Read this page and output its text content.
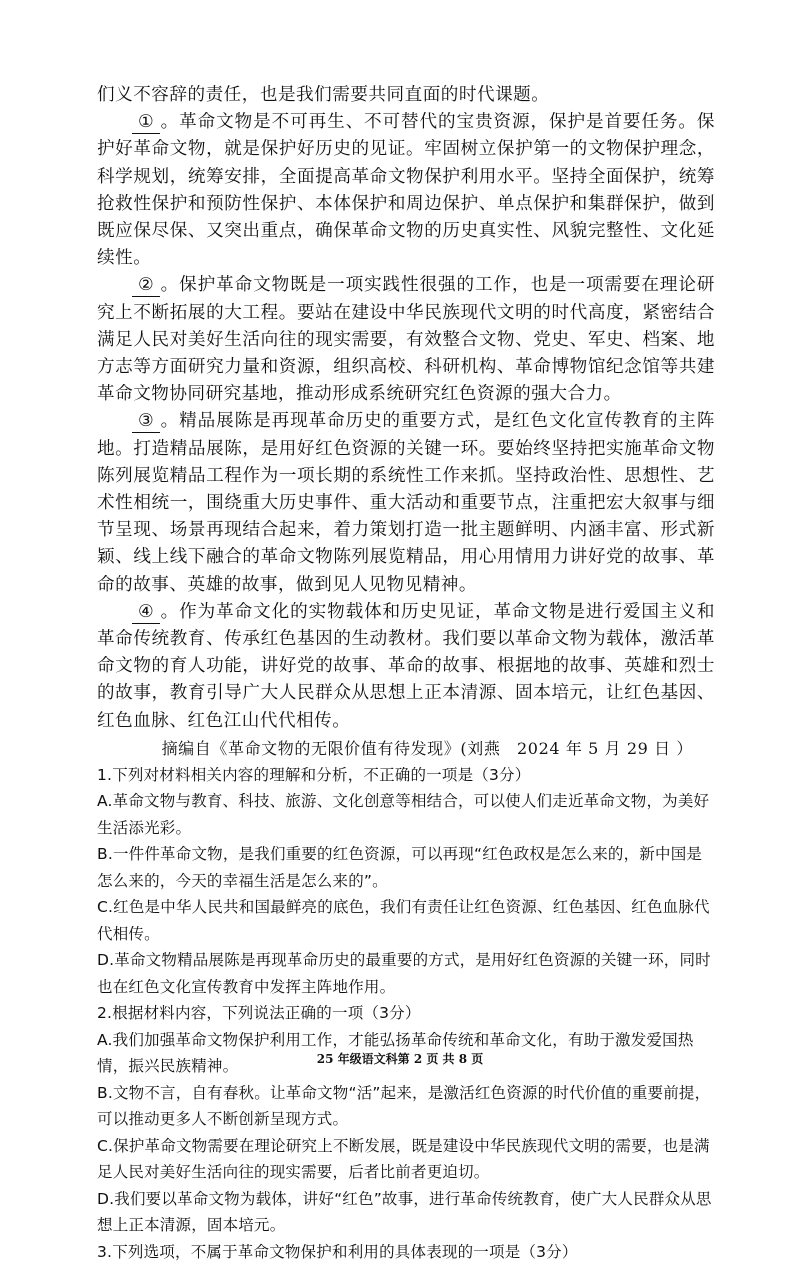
们义不容辞的责任，也是我们需要共同直面的时代课题。

① 。革命文物是不可再生、不可替代的宝贵资源，保护是首要任务。保护好革命文物，就是保护好历史的见证。牢固树立保护第一的文物保护理念，科学规划，统筹安排，全面提高革命文物保护利用水平。坚持全面保护，统筹抢救性保护和预防性保护、本体保护和周边保护、单点保护和集群保护，做到既应保尽保、又突出重点，确保革命文物的历史真实性、风貌完整性、文化延续性。

② 。保护革命文物既是一项实践性很强的工作，也是一项需要在理论研究上不断拓展的大工程。要站在建设中华民族现代文明的时代高度，紧密结合满足人民对美好生活向往的现实需要，有效整合文物、党史、军史、档案、地方志等方面研究力量和资源，组织高校、科研机构、革命博物馆纪念馆等共建革命文物协同研究基地，推动形成系统研究红色资源的强大合力。

③ 。精品展陈是再现革命历史的重要方式，是红色文化宣传教育的主阵地。打造精品展陈，是用好红色资源的关键一环。要始终坚持把实施革命文物陈列展览精品工程作为一项长期的系统性工作来抓。坚持政治性、思想性、艺术性相统一，围绕重大历史事件、重大活动和重要节点，注重把宏大叙事与细节呈现、场景再现结合起来，着力策划打造一批主题鲜明、内涵丰富、形式新颖、线上线下融合的革命文物陈列展览精品，用心用情用力讲好党的故事、革命的故事、英雄的故事，做到见人见物见精神。

④ 。作为革命文化的实物载体和历史见证，革命文物是进行爱国主义和革命传统教育、传承红色基因的生动教材。我们要以革命文物为载体，激活革命文物的育人功能，讲好党的故事、革命的故事、根据地的故事、英雄和烈士的故事，教育引导广大人民群众从思想上正本清源、固本培元，让红色基因、红色血脉、红色江山代代相传。

摘编自《革命文物的无限价值有待发现》(刘燕　2024 年 5 月 29 日 ）

1.下列对材料相关内容的理解和分析，不正确的一项是（3分）

A.革命文物与教育、科技、旅游、文化创意等相结合，可以使人们走近革命文物，为美好生活添光彩。

B.一件件革命文物，是我们重要的红色资源，可以再现“红色政权是怎么来的，新中国是怎么来的，今天的幸福生活是怎么来的”。

C.红色是中华人民共和国最鲜亮的底色，我们有责任让红色资源、红色基因、红色血脉代代相传。

D.革命文物精品展陈是再现革命历史的最重要的方式，是用好红色资源的关键一环，同时也在红色文化宣传教育中发挥主阵地作用。

2.根据材料内容，下列说法正确的一项（3分）

A.我们加强革命文物保护利用工作，才能弘扬革命传统和革命文化，有助于激发爱国热情，振兴民族精神。

B.文物不言，自有春秋。让革命文物“活”起来，是激活红色资源的时代价值的重要前提，可以推动更多人不断创新呈现方式。

C.保护革命文物需要在理论研究上不断发展，既是建设中华民族现代文明的需要，也是满足人民对美好生活向往的现实需要，后者比前者更迫切。

D.我们要以革命文物为载体，讲好“红色”故事，进行革命传统教育，使广大人民群众从思想上正本清源，固本培元。

3.下列选项，不属于革命文物保护和利用的具体表现的一项是（3分）

25 年级语文科第 2 页 共 8 页
